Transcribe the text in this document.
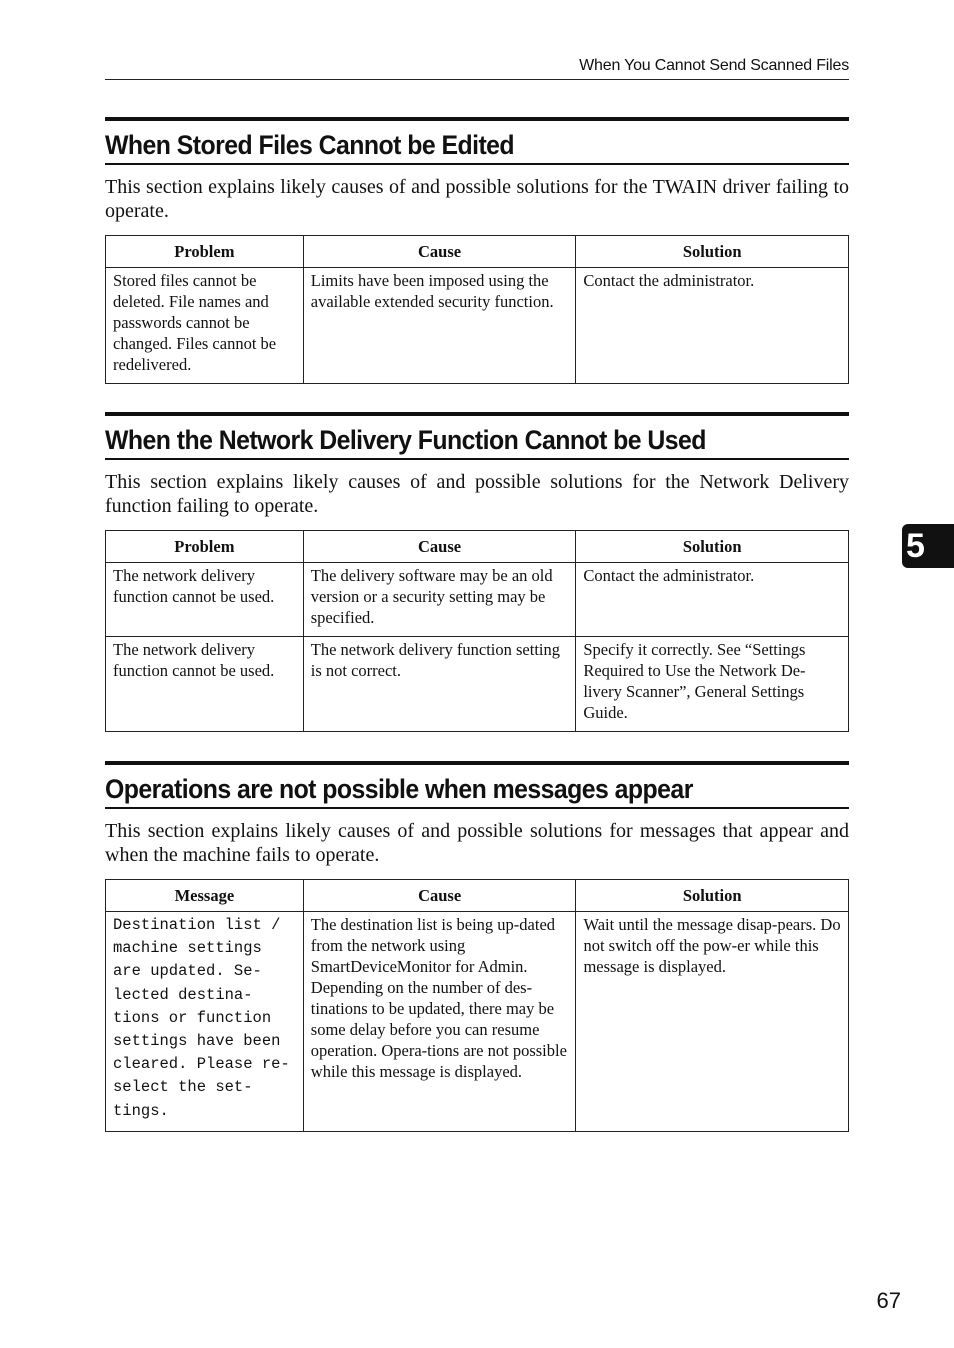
When You Cannot Send Scanned Files
When Stored Files Cannot be Edited

This section explains likely causes of and possible solutions for the TWAIN driver failing to operate.

Problem	Cause	Solution
Stored files cannot be deleted. File names and passwords cannot be changed. Files cannot be redelivered.	Limits have been imposed using the available extended security function.	Contact the administrator.
When the Network Delivery Function Cannot be Used

This section explains likely causes of and possible solutions for the Network Delivery function failing to operate.

Problem	Cause	Solution
The network delivery function cannot be used.	The delivery software may be an old version or a security setting may be specified.	Contact the administrator.
The network delivery function cannot be used.	The network delivery function setting is not correct.	Specify it correctly. See “Settings Required to Use the Network De-livery Scanner”, General Settings Guide.
Operations are not possible when messages appear

This section explains likely causes of and possible solutions for messages that appear and when the machine fails to operate.

Message	Cause	Solution
Destination list / machine settings are updated. Se-lected destina-tions or function settings have been cleared. Please re-select the set-tings.	The destination list is being up-dated from the network using SmartDeviceMonitor for Admin. Depending on the number of des-tinations to be updated, there may be some delay before you can resume operation. Opera-tions are not possible while this message is displayed.	Wait until the message disap-pears. Do not switch off the pow-er while this message is displayed.
5
67
